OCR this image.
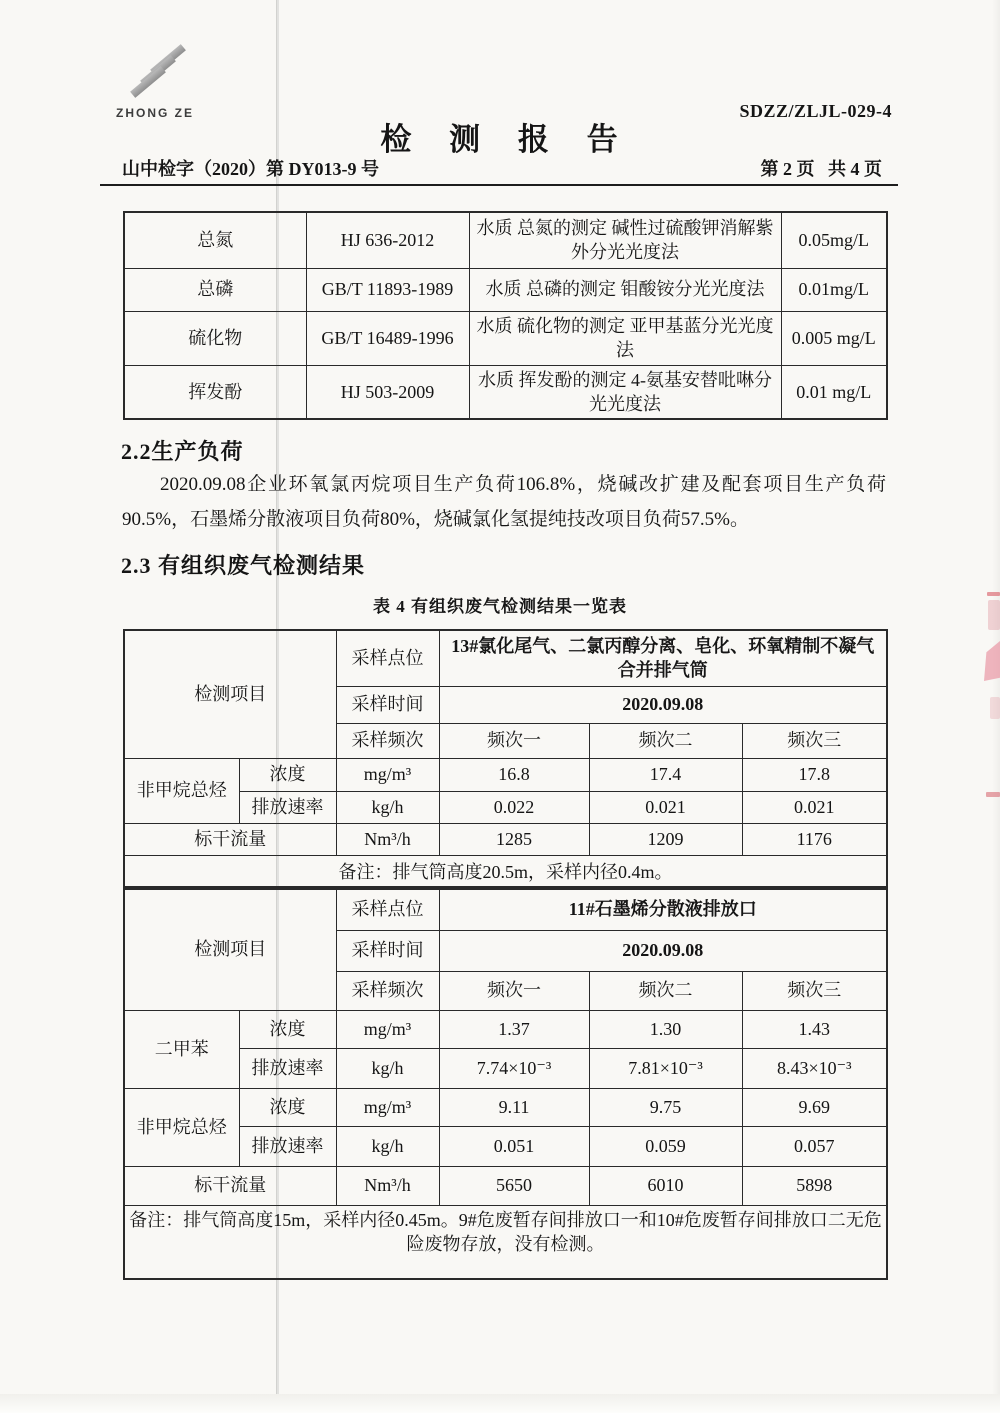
ZHONG ZE	SDZZ/ZLJL-029-4
检 测 报 告
山中检字（2020）第 DY013-9 号	第 2 页   共 4 页
总氮	HJ 636-2012	水质 总氮的测定 碱性过硫酸钾消解紫外分光光度法	0.05mg/L
总磷	GB/T 11893-1989	水质 总磷的测定 钼酸铵分光光度法	0.01mg/L
硫化物	GB/T 16489-1996	水质 硫化物的测定 亚甲基蓝分光光度法	0.005 mg/L
挥发酚	HJ 503-2009	水质 挥发酚的测定 4-氨基安替吡啉分光光度法	0.01 mg/L
2.2生产负荷
2020.09.08企业环氧氯丙烷项目生产负荷106.8%，烧碱改扩建及配套项目生产负荷90.5%，石墨烯分散液项目负荷80%，烧碱氯化氢提纯技改项目负荷57.5%。
2.3 有组织废气检测结果
表 4 有组织废气检测结果一览表
检测项目		采样点位	13#氯化尾气、二氯丙醇分离、皂化、环氧精制不凝气合并排气筒		
		采样时间	2020.09.08		
		采样频次	频次一	频次二	频次三
非甲烷总烃	浓度	mg/m³	16.8	17.4	17.8
	排放速率	kg/h	0.022	0.021	0.021
标干流量		Nm³/h	1285	1209	1176
备注：排气筒高度20.5m，采样内径0.4m。					
检测项目		采样点位	11#石墨烯分散液排放口		
		采样时间	2020.09.08		
		采样频次	频次一	频次二	频次三
二甲苯	浓度	mg/m³	1.37	1.30	1.43
	排放速率	kg/h	7.74×10⁻³	7.81×10⁻³	8.43×10⁻³
非甲烷总烃	浓度	mg/m³	9.11	9.75	9.69
	排放速率	kg/h	0.051	0.059	0.057
标干流量		Nm³/h	5650	6010	5898
备注：排气筒高度15m，采样内径0.45m。9#危废暂存间排放口一和10#危废暂存间排放口二无危险废物存放，没有检测。					
